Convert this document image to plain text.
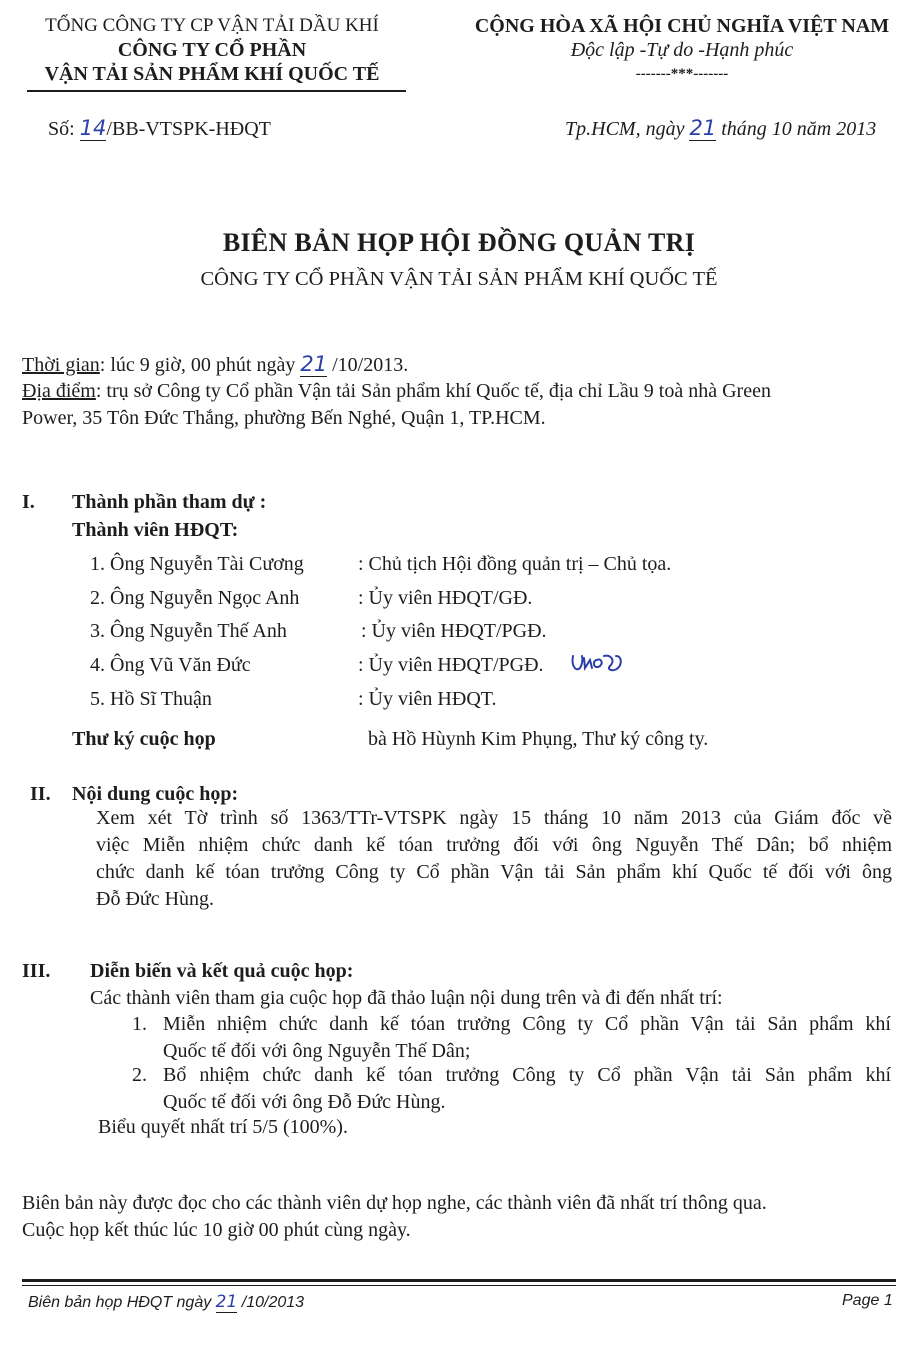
TỔNG CÔNG TY CP VẬN TẢI DẦU KHÍ
CÔNG TY CỔ PHẦN
VẬN TẢI SẢN PHẨM KHÍ QUỐC TẾ
CỘNG HÒA XÃ HỘI CHỦ NGHĨA VIỆT NAM
Độc lập -Tự do -Hạnh phúc
-------***-------
Số: 14/BB-VTSPK-HĐQT	Tp.HCM, ngày 21 tháng 10 năm 2013
BIÊN BẢN HỌP HỘI ĐỒNG QUẢN TRỊ
CÔNG TY CỔ PHẦN VẬN TẢI SẢN PHẨM KHÍ QUỐC TẾ
Thời gian: lúc 9 giờ, 00 phút ngày 21 /10/2013.
Địa điểm: trụ sở Công ty Cổ phần Vận tải Sản phẩm khí Quốc tế, địa chỉ Lầu 9 toà nhà Green
Power, 35 Tôn Đức Thắng, phường Bến Nghé, Quận 1, TP.HCM.
I. Thành phần tham dự :
Thành viên HĐQT:
1. Ông Nguyễn Tài Cương	: Chủ tịch Hội đồng quản trị – Chủ tọa.
2. Ông Nguyễn Ngọc Anh	: Ủy viên HĐQT/GĐ.
3. Ông Nguyễn Thế Anh	: Ủy viên HĐQT/PGĐ.
4. Ông Vũ Văn Đức	: Ủy viên HĐQT/PGĐ.
5. Hồ Sĩ Thuận	: Ủy viên HĐQT.
Thư ký cuộc họp	bà Hồ Hùynh Kim Phụng, Thư ký công ty.
II. Nội dung cuộc họp:
Xem xét Tờ trình số 1363/TTr-VTSPK ngày 15 tháng 10 năm 2013 của Giám đốc về
việc Miễn nhiệm chức danh kế tóan trưởng đối với ông Nguyễn Thế Dân; bổ nhiệm
chức danh kế tóan trưởng Công ty Cổ phần Vận tải Sản phẩm khí Quốc tế đối với ông
Đỗ Đức Hùng.
III. Diễn biến và kết quả cuộc họp:
Các thành viên tham gia cuộc họp đã thảo luận nội dung trên và đi đến nhất trí:
1. Miễn nhiệm chức danh kế tóan trưởng Công ty Cổ phần Vận tải Sản phẩm khí
Quốc tế đối với ông Nguyễn Thế Dân;
2. Bổ nhiệm chức danh kế tóan trưởng Công ty Cổ phần Vận tải Sản phẩm khí
Quốc tế đối với ông Đỗ Đức Hùng.
Biểu quyết nhất trí 5/5 (100%).
Biên bản này được đọc cho các thành viên dự họp nghe, các thành viên đã nhất trí thông qua.
Cuộc họp kết thúc lúc 10 giờ 00 phút cùng ngày.
Biên bản họp HĐQT ngày 21 /10/2013	Page 1
